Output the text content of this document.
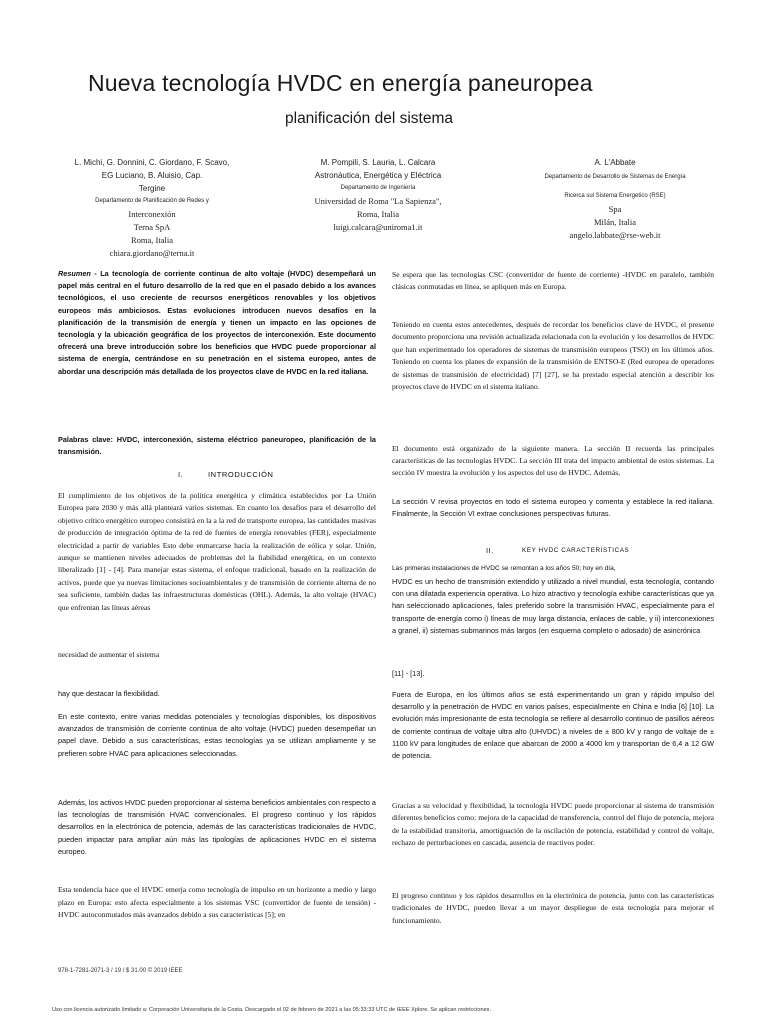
Nueva tecnología HVDC en energía paneuropea
planificación del sistema
L. Michi, G. Donnini, C. Giordano, F. Scavo,
EG Luciano, B. Aluisio, Cap.
Tergine
Departamento de Planificación de Redes y
Interconexión
Terna SpA
Roma, Italia
chiara.giordano@terna.it
M. Pompili, S. Lauria, L. Calcara
Astronáutica, Energética y Eléctrica
Departamento de Ingeniería
Universidad de Roma "La Sapienza",
Roma, Italia
luigi.calcara@uniroma1.it
A. L'Abbate
Departamento de Desarrollo de Sistemas de Energía
Ricerca sul Sistema Energetico (RSE)
Spa
Milán, Italia
angelo.labbate@rse-web.it
Resumen - La tecnología de corriente continua de alto voltaje (HVDC) desempeñará un papel más central en el futuro desarrollo de la red que en el pasado debido a los avances tecnológicos, el uso creciente de recursos energéticos renovables y los objetivos europeos más ambiciosos. Estas evoluciones introducen nuevos desafíos en la planificación de la transmisión de energía y tienen un impacto en las opciones de tecnología y la ubicación geográfica de los proyectos de interconexión. Este documento ofrecerá una breve introducción sobre los beneficios que HVDC puede proporcionar al sistema de energía, centrándose en su penetración en el sistema europeo, antes de abordar una descripción más detallada de los proyectos clave de HVDC en la red italiana.
Palabras clave: HVDC, interconexión, sistema eléctrico paneuropeo, planificación de la transmisión.
I.	INTRODUCCIÓN
El cumplimiento de los objetivos de la política energética y climática establecidos por La Unión Europea para 2030 y más allá planteará varios sistemas. En cuanto los desafíos para el desarrollo del objetivo crítico energético europeo consistirá en la a la red de transporte europea, las cantidades masivas de producción de integración óptima de la red de fuentes de energía renovables (FER), especialmente electricidad a partir de variables Esto debe enmarcarse hacia la realización de eólica y solar. Unión, aunque se mantienen niveles adecuados de problemas del la fiabilidad energética, en un contexto liberalizado [1] - [4]. Para manejar estas sistema, el enfoque tradicional, basado en la realización de activos, puede que ya nuevas limitaciones socioambientales y de transmisión de corriente alterna de no sea suficiente, también dadas las infraestructuras domésticas (OHL). Además, la alto voltaje (HVAC) que enfrentan las líneas aéreas
necesidad de aumentar el sistema
hay que destacar la flexibilidad.
En este contexto, entre varias medidas potenciales y tecnologías disponibles, los dispositivos avanzados de transmisión de corriente continua de alto voltaje (HVDC) pueden desempeñar un papel clave. Debido a sus características, estas tecnologías ya se utilizan ampliamente y se prefieren sobre HVAC para aplicaciones seleccionadas.
Además, los activos HVDC pueden proporcionar al sistema beneficios ambientales con respecto a las tecnologías de transmisión HVAC convencionales. El progreso continuo y los rápidos desarrollos en la electrónica de potencia, además de las características tradicionales de HVDC, pueden impactar para ampliar aún más las tipologías de aplicaciones HVDC en el sistema europeo.
Esta tendencia hace que el HVDC emerja como tecnología de impulso en un horizonte a medio y largo plazo en Europa: esto afecta especialmente a los sistemas VSC (convertidor de fuente de tensión) -HVDC autoconmutados más avanzados debido a sus características [5]; en
Se espera que las tecnologías CSC (convertidor de fuente de corriente) -HVDC en paralelo, también clásicas conmutadas en línea, se apliquen más en Europa.
Teniendo en cuenta estos antecedentes, después de recordar los beneficios clave de HVDC, el presente documento proporciona una revisión actualizada relacionada con la evolución y los desarrollos de HVDC que han experimentado los operadores de sistemas de transmisión europeos (TSO) en los últimos años. Teniendo en cuenta los planes de expansión de la transmisión de ENTSO-E (Red europea de operadores de sistemas de transmisión de electricidad) [7] [27], se ha prestado especial atención a describir los proyectos clave de HVDC en el sistema italiano.
El documento está organizado de la siguiente manera. La sección II recuerda las principales características de las tecnologías HVDC. La sección III trata del impacto ambiental de estos sistemas. La sección IV muestra la evolución y los aspectos del uso de HVDC. Además,
La sección V revisa proyectos en todo el sistema europeo y comenta y establece la red italiana. Finalmente, la Sección VI extrae conclusiones perspectivas futuras.
II.	KEY HVDC CARACTERISTICAS
Las primeras instalaciones de HVDC se remontan a los años 50; hoy en día,
HVDC es un hecho de transmisión extendido y utilizado a nivel mundial, esta tecnología, contando con una dilatada experiencia operativa. Lo hizo atractivo y tecnología exhibe características que ya han seleccionado aplicaciones, fales preferido sobre la transmisión HVAC, especialmente para el transporte de energía como i) líneas de muy larga distancia, enlaces de cable, y ii) interconexiones a granel, ii) sistemas submarinos más largos (en esquema completo o adosado) de asincrónica
[11] - [13].
Fuera de Europa, en los últimos años se está experimentando un gran y rápido impulso del desarrollo y la penetración de HVDC en varios países, especialmente en China e India [6] [10]. La evolución más impresionante de esta tecnología se refiere al desarrollo continuo de pasillos aéreos de corriente continua de voltaje ultra alto (UHVDC) a niveles de ± 800 kV y rango de voltaje de ± 1100 kV para longitudes de enlace que abarcan de 2000 a 4000 km y transportan de 6,4 a 12 GW de potencia.
Gracias a su velocidad y flexibilidad, la tecnología HVDC puede proporcionar al sistema de transmisión diferentes beneficios como: mejora de la capacidad de transferencia, control del flujo de potencia, mejora de la estabilidad transitoria, amortiguación de la oscilación de potencia, estabilidad y control de voltaje, rechazo de perturbaciones en cascada, ausencia de reactivos poder.
El progreso continuo y los rápidos desarrollos en la electrónica de potencia, junto con las características tradicionales de HVDC, pueden llevar a un mayor despliegue de esta tecnología para mejorar el funcionamiento.
978-1-7281-2071-3 / 19 / $ 31.00 © 2019 IEEE
Uso con licencia autorizado limitado a: Corporación Universitaria de la Costa. Descargado el 02 de febrero de 2021 a las 05:33:33 UTC de IEEE Xplore. Se aplican restricciones.
